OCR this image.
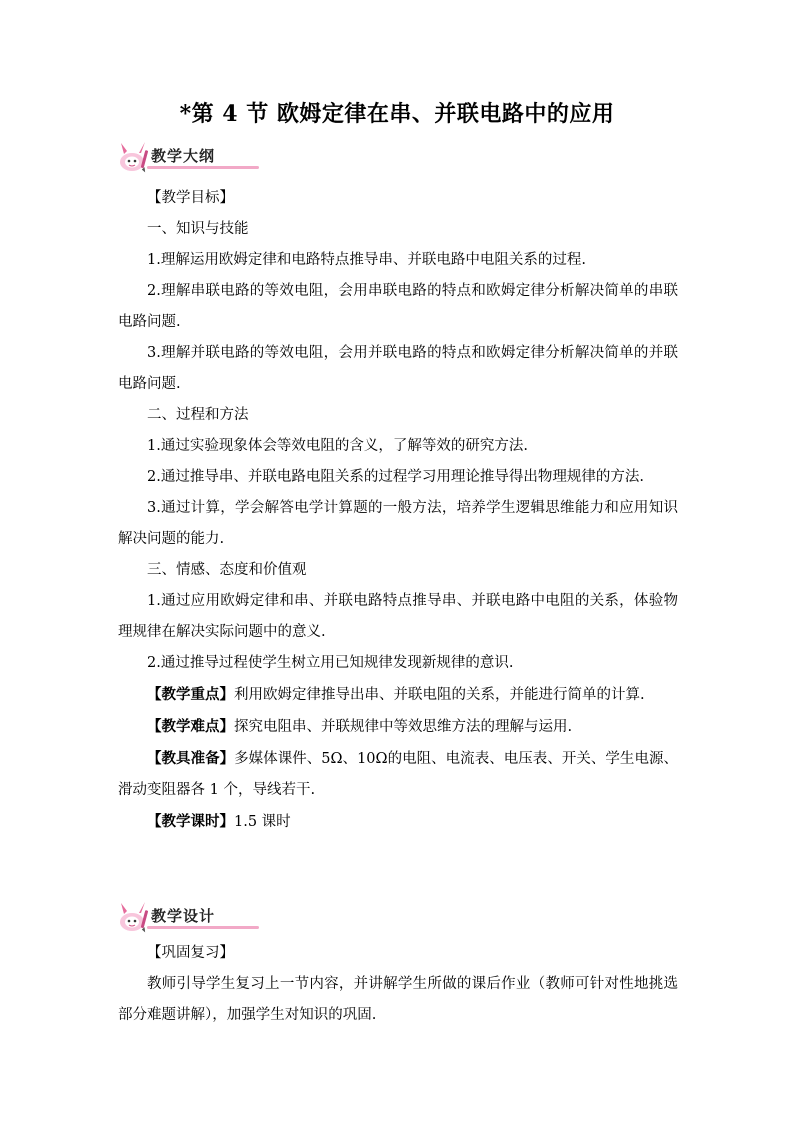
*第 4 节 欧姆定律在串、并联电路中的应用
教学大纲

【教学目标】

一、知识与技能

1.理解运用欧姆定律和电路特点推导串、并联电路中电阻关系的过程.

2.理解串联电路的等效电阻，会用串联电路的特点和欧姆定律分析解决简单的串联电路问题.

3.理解并联电路的等效电阻，会用并联电路的特点和欧姆定律分析解决简单的并联电路问题.

二、过程和方法

1.通过实验现象体会等效电阻的含义，了解等效的研究方法.

2.通过推导串、并联电路电阻关系的过程学习用理论推导得出物理规律的方法.

3.通过计算，学会解答电学计算题的一般方法，培养学生逻辑思维能力和应用知识解决问题的能力.

三、情感、态度和价值观

1.通过应用欧姆定律和串、并联电路特点推导串、并联电路中电阻的关系，体验物理规律在解决实际问题中的意义.

2.通过推导过程使学生树立用已知规律发现新规律的意识.

【教学重点】利用欧姆定律推导出串、并联电阻的关系，并能进行简单的计算.

【教学难点】探究电阻串、并联规律中等效思维方法的理解与运用.

【教具准备】多媒体课件、5Ω、10Ω的电阻、电流表、电压表、开关、学生电源、滑动变阻器各 1 个，导线若干.

【教学课时】1.5 课时

教学设计

【巩固复习】

教师引导学生复习上一节内容，并讲解学生所做的课后作业（教师可针对性地挑选部分难题讲解），加强学生对知识的巩固.
